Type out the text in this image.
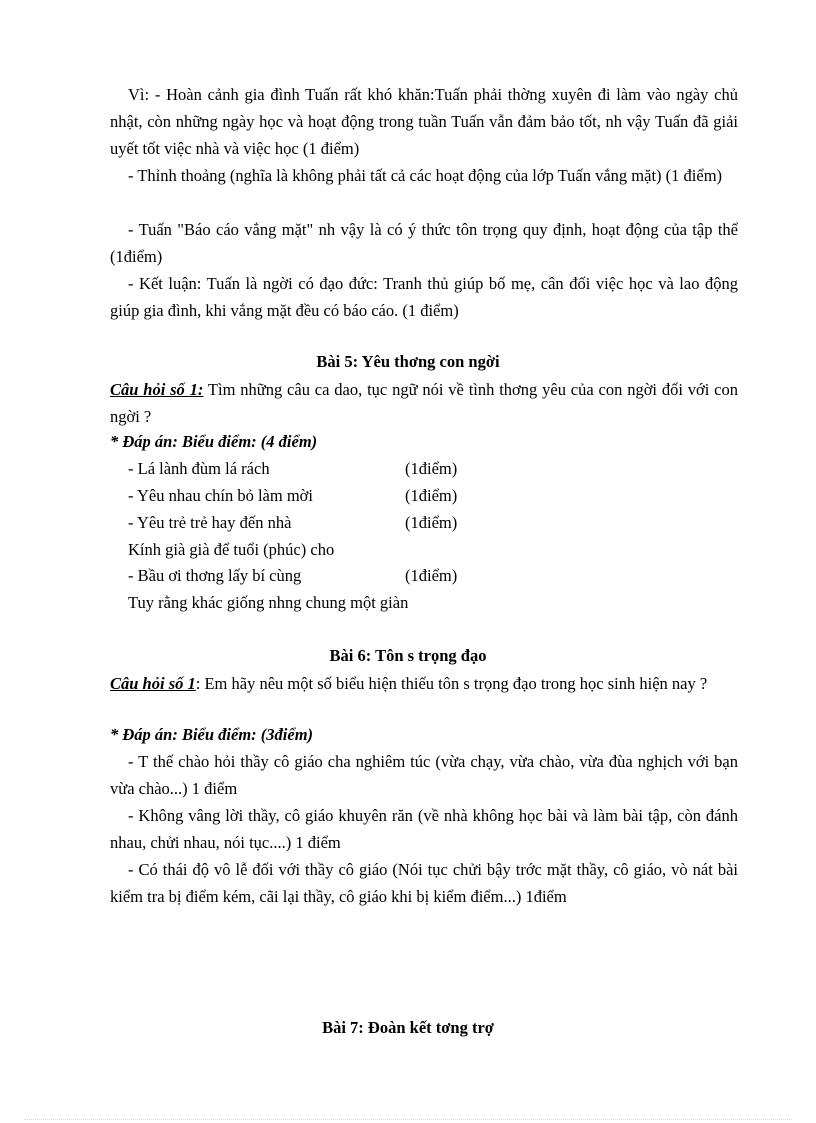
Vì: - Hoàn cảnh gia đình Tuấn rất khó khăn:Tuấn phải thờng xuyên đi làm vào ngày chủ nhật, còn những ngày học và hoạt động trong tuần Tuấn vẫn đảm bảo tốt, nh vậy Tuấn đã giải uyết tốt việc nhà và việc học (1 điểm)

- Thỉnh thoảng (nghĩa là không phải tất cả các hoạt động của lớp Tuấn vắng mặt) (1 điểm)

- Tuấn "Báo cáo vắng mặt" nh vậy là có ý thức tôn trọng quy định, hoạt động của tập thể (1điểm)

- Kết luận: Tuấn là ngời có đạo đức: Tranh thủ giúp bố mẹ, cân đối việc học và lao động giúp gia đình, khi vắng mặt đều có báo cáo. (1 điểm)

Bài 5: Yêu thơng con ngời

Câu hỏi số 1: Tìm những câu ca dao, tục ngữ nói về tình thơng yêu của con ngời đối với con ngời ?

* Đáp án: Biểu điểm: (4 điểm)
- Lá lành đùm lá rách	(1điểm)
- Yêu nhau chín bỏ làm mời	(1điểm)
- Yêu trẻ trẻ hay đến nhà	(1điểm)
Kính già già để tuổi (phúc) cho
- Bầu ơi thơng lấy bí cùng	(1điểm)
Tuy rằng khác giống nhng chung một giàn
Bài 6: Tôn s trọng đạo

Câu hỏi số 1: Em hãy nêu một số biểu hiện thiếu tôn s trọng đạo trong học sinh hiện nay ?

* Đáp án: Biểu điểm: (3điểm)

- T thế chào hỏi thầy cô giáo cha nghiêm túc (vừa chạy, vừa chào, vừa đùa nghịch với bạn vừa chào...) 1 điểm

- Không vâng lời thầy, cô giáo khuyên răn (về nhà không học bài và làm bài tập, còn đánh nhau, chửi nhau, nói tục....) 1 điểm

- Có thái độ vô lễ đối với thầy cô giáo (Nói tục chửi bậy trớc mặt thầy, cô giáo, vò nát bài kiểm tra bị điểm kém, cãi lại thầy, cô giáo khi bị kiểm điểm...) 1điểm

Bài 7: Đoàn kết tơng trợ
